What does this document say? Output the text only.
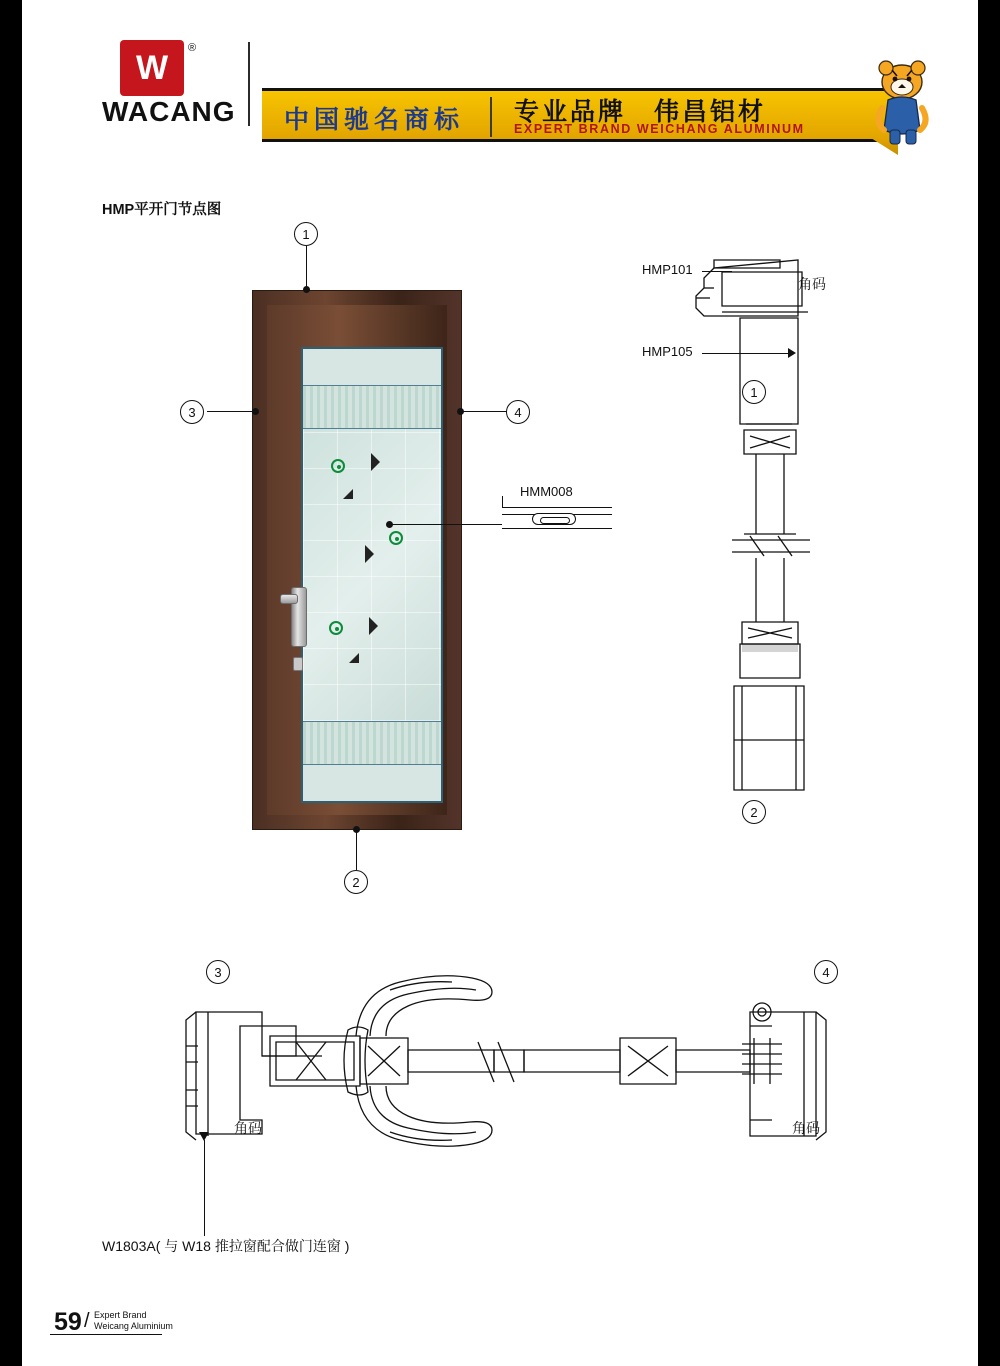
W
®
WACANG 中国驰名商标 专业品牌　伟昌铝材
EXPERT BRAND WEICHANG ALUMINUM
HMP平开门节点图
1
2
3	4
HMM008
HMP101
角码
HMP105
1
2
3	4
角码	角码
W1803A( 与 W18 推拉窗配合做门连窗 )
59 / Expert Brand
Weicang Aluminium
